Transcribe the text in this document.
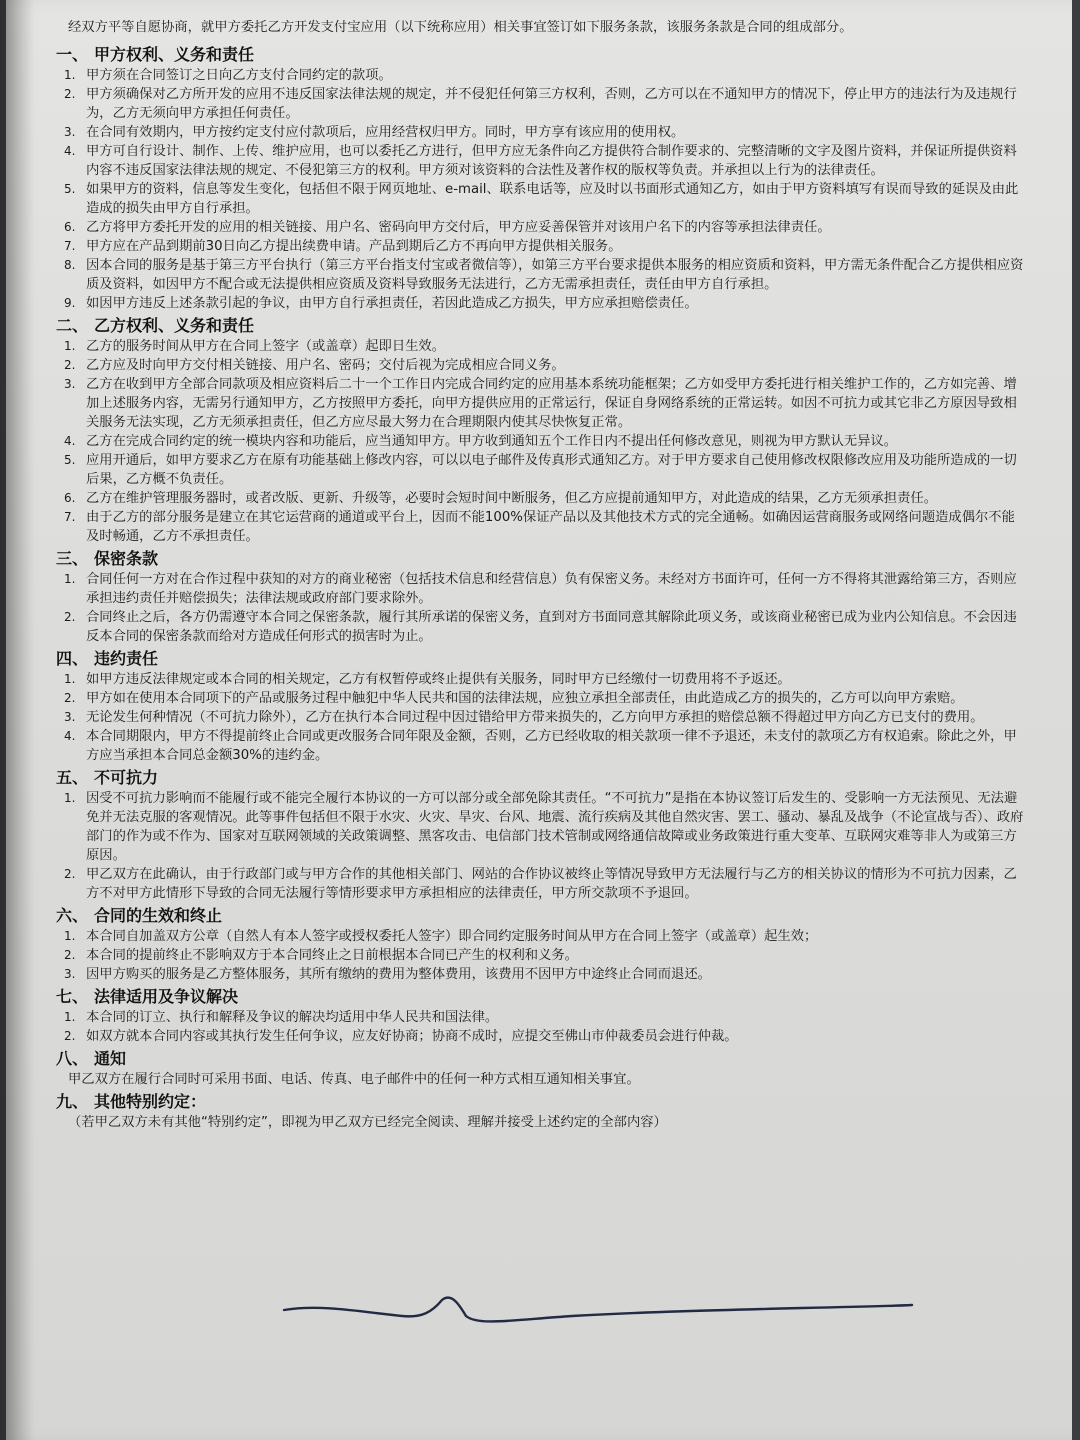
经双方平等自愿协商，就甲方委托乙方开发支付宝应用（以下统称应用）相关事宜签订如下服务条款，该服务条款是合同的组成部分。

一、 甲方权利、义务和责任

1. 甲方须在合同签订之日向乙方支付合同约定的款项。

2. 甲方须确保对乙方所开发的应用不违反国家法律法规的规定，并不侵犯任何第三方权利，否则，乙方可以在不通知甲方的情况下，停止甲方的违法行为及违规行为，乙方无须向甲方承担任何责任。

3. 在合同有效期内，甲方按约定支付应付款项后，应用经营权归甲方。同时，甲方享有该应用的使用权。

4. 甲方可自行设计、制作、上传、维护应用，也可以委托乙方进行，但甲方应无条件向乙方提供符合制作要求的、完整清晰的文字及图片资料，并保证所提供资料内容不违反国家法律法规的规定、不侵犯第三方的权利。甲方须对该资料的合法性及著作权的版权等负责。并承担以上行为的法律责任。

5. 如果甲方的资料，信息等发生变化，包括但不限于网页地址、e-mail、联系电话等，应及时以书面形式通知乙方，如由于甲方资料填写有误而导致的延误及由此造成的损失由甲方自行承担。

6. 乙方将甲方委托开发的应用的相关链接、用户名、密码向甲方交付后，甲方应妥善保管并对该用户名下的内容等承担法律责任。

7. 甲方应在产品到期前30日向乙方提出续费申请。产品到期后乙方不再向甲方提供相关服务。

8. 因本合同的服务是基于第三方平台执行（第三方平台指支付宝或者微信等），如第三方平台要求提供本服务的相应资质和资料，甲方需无条件配合乙方提供相应资质及资料，如因甲方不配合或无法提供相应资质及资料导致服务无法进行，乙方无需承担责任，责任由甲方自行承担。

9. 如因甲方违反上述条款引起的争议，由甲方自行承担责任，若因此造成乙方损失，甲方应承担赔偿责任。

二、 乙方权利、义务和责任

1. 乙方的服务时间从甲方在合同上签字（或盖章）起即日生效。

2. 乙方应及时向甲方交付相关链接、用户名、密码；交付后视为完成相应合同义务。

3. 乙方在收到甲方全部合同款项及相应资料后二十一个工作日内完成合同约定的应用基本系统功能框架；乙方如受甲方委托进行相关维护工作的，乙方如完善、增加上述服务内容，无需另行通知甲方，乙方按照甲方委托，向甲方提供应用的正常运行，保证自身网络系统的正常运转。如因不可抗力或其它非乙方原因导致相关服务无法实现，乙方无须承担责任，但乙方应尽最大努力在合理期限内使其尽快恢复正常。

4. 乙方在完成合同约定的统一模块内容和功能后，应当通知甲方。甲方收到通知五个工作日内不提出任何修改意见，则视为甲方默认无异议。

5. 应用开通后，如甲方要求乙方在原有功能基础上修改内容，可以以电子邮件及传真形式通知乙方。对于甲方要求自己使用修改权限修改应用及功能所造成的一切后果，乙方概不负责任。

6. 乙方在维护管理服务器时，或者改版、更新、升级等，必要时会短时间中断服务，但乙方应提前通知甲方，对此造成的结果，乙方无须承担责任。

7. 由于乙方的部分服务是建立在其它运营商的通道或平台上，因而不能100%保证产品以及其他技术方式的完全通畅。如确因运营商服务或网络问题造成偶尔不能及时畅通，乙方不承担责任。

三、 保密条款

1. 合同任何一方对在合作过程中获知的对方的商业秘密（包括技术信息和经营信息）负有保密义务。未经对方书面许可，任何一方不得将其泄露给第三方，否则应承担违约责任并赔偿损失；法律法规或政府部门要求除外。

2. 合同终止之后，各方仍需遵守本合同之保密条款，履行其所承诺的保密义务，直到对方书面同意其解除此项义务，或该商业秘密已成为业内公知信息。不会因违反本合同的保密条款而给对方造成任何形式的损害时为止。

四、 违约责任

1. 如甲方违反法律规定或本合同的相关规定，乙方有权暂停或终止提供有关服务，同时甲方已经缴付一切费用将不予返还。

2. 甲方如在使用本合同项下的产品或服务过程中触犯中华人民共和国的法律法规，应独立承担全部责任，由此造成乙方的损失的，乙方可以向甲方索赔。

3. 无论发生何种情况（不可抗力除外），乙方在执行本合同过程中因过错给甲方带来损失的，乙方向甲方承担的赔偿总额不得超过甲方向乙方已支付的费用。

4. 本合同期限内，甲方不得提前终止合同或更改服务合同年限及金额，否则，乙方已经收取的相关款项一律不予退还，未支付的款项乙方有权追索。除此之外，甲方应当承担本合同总金额30%的违约金。

五、 不可抗力

1. 因受不可抗力影响而不能履行或不能完全履行本协议的一方可以部分或全部免除其责任。“不可抗力”是指在本协议签订后发生的、受影响一方无法预见、无法避免并无法克服的客观情况。此等事件包括但不限于水灾、火灾、旱灾、台风、地震、流行疾病及其他自然灾害、罢工、骚动、暴乱及战争（不论宣战与否）、政府部门的作为或不作为、国家对互联网领域的关政策调整、黑客攻击、电信部门技术管制或网络通信故障或业务政策进行重大变革、互联网灾难等非人为或第三方原因。

2. 甲乙双方在此确认，由于行政部门或与甲方合作的其他相关部门、网站的合作协议被终止等情况导致甲方无法履行与乙方的相关协议的情形为不可抗力因素，乙方不对甲方此情形下导致的合同无法履行等情形要求甲方承担相应的法律责任，甲方所交款项不予退回。

六、 合同的生效和终止

1. 本合同自加盖双方公章（自然人有本人签字或授权委托人签字）即合同约定服务时间从甲方在合同上签字（或盖章）起生效；

2. 本合同的提前终止不影响双方于本合同终止之日前根据本合同已产生的权利和义务。

3. 因甲方购买的服务是乙方整体服务，其所有缴纳的费用为整体费用，该费用不因甲方中途终止合同而退还。

七、 法律适用及争议解决

1. 本合同的订立、执行和解释及争议的解决均适用中华人民共和国法律。

2. 如双方就本合同内容或其执行发生任何争议，应友好协商；协商不成时，应提交至佛山市仲裁委员会进行仲裁。

八、 通知

甲乙双方在履行合同时可采用书面、电话、传真、电子邮件中的任何一种方式相互通知相关事宜。

九、 其他特别约定：

（若甲乙双方未有其他“特别约定”，即视为甲乙双方已经完全阅读、理解并接受上述约定的全部内容）
